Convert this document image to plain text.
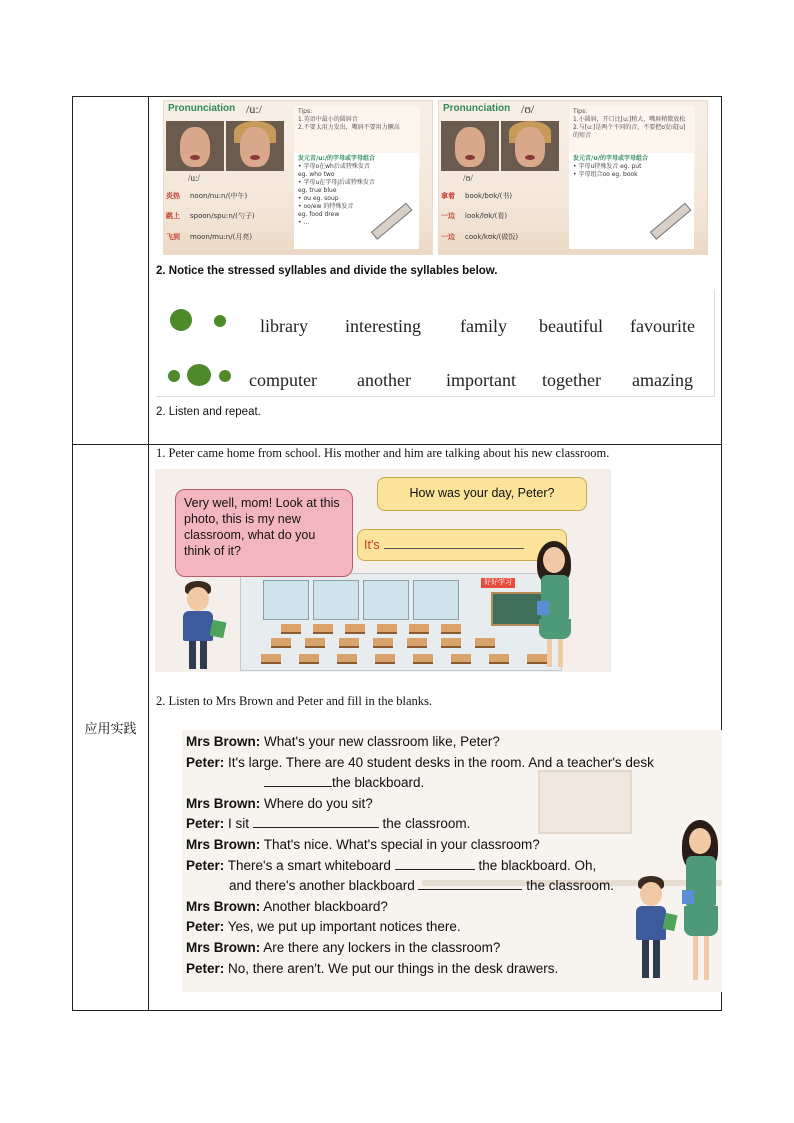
应用实践
Pronunciation /u:/
/u:/
Tips:
1.英语中最小的圆唇音
2.不要太用力发出，嘴唇不要用力撅高
发元音/u:/的字母或字母组合
• 字母o在wh后或特殊发音
eg. who two
• 字母u在字母j后或特殊发音
eg. true blue
• ou eg. soup
• oo/ew 的特殊发音
eg. food drew
• ...
炎热 noon/nu:n/(中午)
跳上 spoon/spu:n/(勺子)
飞到 moon/mu:n/(月亮)
Pronunciation /ʊ/
/ʊ/
Tips:
1.小圆唇，开口比[u:]稍大，嘴唇稍微放松
2.与[u:]是两个不同的音，不要把ʊ发成[u]的短音
发元音/ʊ/的字母或字母组合
• 字母u特殊发音 eg. put
• 字母组合oo eg. book
拿着 book/bʊk/(书)
一边 look/lʊk/(看)
一边 cook/kʊk/(做饭)
2. Notice the stressed syllables and divide the syllables below.
library interesting family beautiful favourite
computer another important together amazing
2. Listen and repeat.
1. Peter came home from school. His mother and him are talking about his new classroom.
好好学习
Very well, mom! Look at this photo, this is my new classroom, what do you think of it?
How was your day, Peter?
It's
2. Listen to Mrs Brown and Peter and fill in the blanks.
Mrs Brown: What's your new classroom like, Peter?
Peter: It's large. There are 40 student desks in the room. And a teacher's desk
the blackboard.
Mrs Brown: Where do you sit?
Peter: I sit	the classroom.
Mrs Brown: That's nice. What's special in your classroom?
Peter: There's a smart whiteboard	the blackboard. Oh,
and there's another blackboard	the classroom.
Mrs Brown: Another blackboard?
Peter: Yes, we put up important notices there.
Mrs Brown: Are there any lockers in the classroom?
Peter: No, there aren't. We put our things in the desk drawers.
